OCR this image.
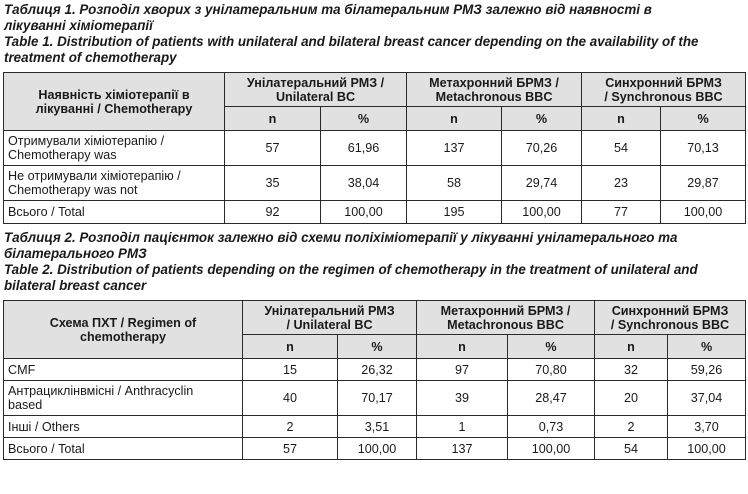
Таблиця 1. Розподіл хворих з унілатеральним та білатеральним РМЗ залежно від наявності в лікуванні хіміотерапії

Table 1. Distribution of patients with unilateral and bilateral breast cancer depending on the availability of the treatment of chemotherapy

Наявність хіміотерапії в лікуванні / Chemotherapy	Унілатеральний РМЗ / Unilateral BC		Метахронний БРМЗ / Metachronous BBC		Синхронний БРМЗ / Synchronous BBC	
	n	%	n	%	n	%
Отримували хіміотерапію / Chemotherapy was	57	61,96	137	70,26	54	70,13
Не отримували хіміотерапію / Chemotherapy was not	35	38,04	58	29,74	23	29,87
Всього / Total	92	100,00	195	100,00	77	100,00

Таблиця 2. Розподіл пацієнток залежно від схеми поліхіміотерапії у лікуванні унілатерального та білатерального РМЗ

Table 2. Distribution of patients depending on the regimen of chemotherapy in the treatment of unilateral and bilateral breast cancer

Схема ПХТ / Regimen of chemotherapy	Унілатеральний РМЗ / Unilateral BC		Метахронний БРМЗ / Metachronous BBC		Синхронний БРМЗ / Synchronous BBC	
	n	%	n	%	n	%
CMF	15	26,32	97	70,80	32	59,26
Антрациклінвмісні / Anthracyclin based	40	70,17	39	28,47	20	37,04
Інші / Others	2	3,51	1	0,73	2	3,70
Всього / Total	57	100,00	137	100,00	54	100,00
